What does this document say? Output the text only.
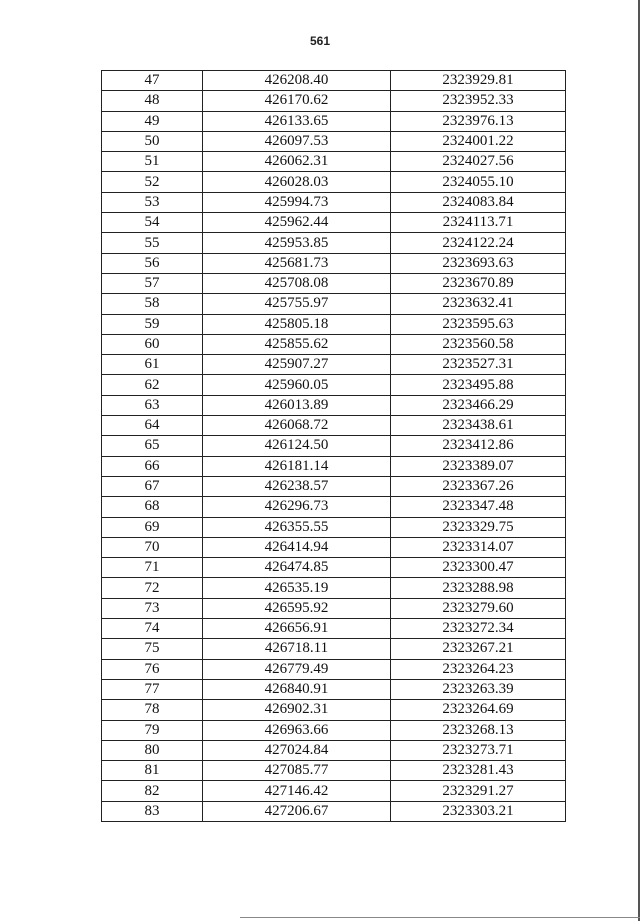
561
47	426208.40	2323929.81
48	426170.62	2323952.33
49	426133.65	2323976.13
50	426097.53	2324001.22
51	426062.31	2324027.56
52	426028.03	2324055.10
53	425994.73	2324083.84
54	425962.44	2324113.71
55	425953.85	2324122.24
56	425681.73	2323693.63
57	425708.08	2323670.89
58	425755.97	2323632.41
59	425805.18	2323595.63
60	425855.62	2323560.58
61	425907.27	2323527.31
62	425960.05	2323495.88
63	426013.89	2323466.29
64	426068.72	2323438.61
65	426124.50	2323412.86
66	426181.14	2323389.07
67	426238.57	2323367.26
68	426296.73	2323347.48
69	426355.55	2323329.75
70	426414.94	2323314.07
71	426474.85	2323300.47
72	426535.19	2323288.98
73	426595.92	2323279.60
74	426656.91	2323272.34
75	426718.11	2323267.21
76	426779.49	2323264.23
77	426840.91	2323263.39
78	426902.31	2323264.69
79	426963.66	2323268.13
80	427024.84	2323273.71
81	427085.77	2323281.43
82	427146.42	2323291.27
83	427206.67	2323303.21
